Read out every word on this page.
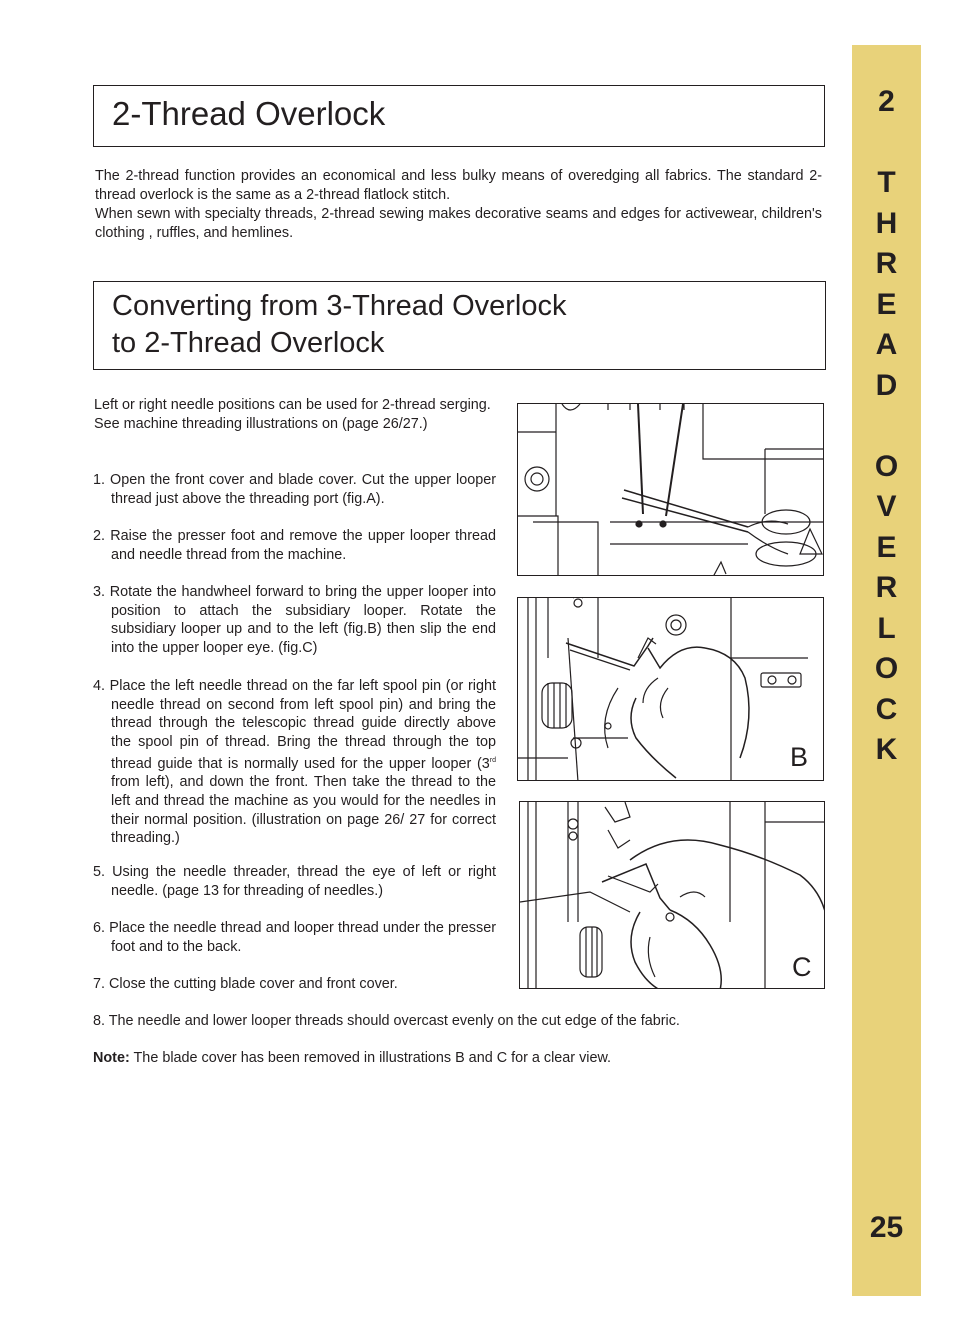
2
T
H
R
E
A
D
O
V
E
R
L
O
C
K
25
2-Thread Overlock

The 2-thread function provides an economical and less bulky means of overedging all fabrics. The standard 2-thread overlock is the same as a 2-thread flatlock stitch.

When sewn with specialty threads, 2-thread sewing makes decorative seams and edges for activewear, children's clothing , ruffles, and hemlines.

Converting from 3-Thread Overlock
to 2-Thread Overlock

Left or right needle positions can be used for 2-thread serging.

See machine threading illustrations on (page 26/27.)

1. Open the front cover and blade cover. Cut the upper looper thread just above the threading port (fig.A).

2. Raise the presser foot and remove the upper looper thread and needle thread from the machine.

3. Rotate the handwheel forward to bring the upper looper into position to attach the subsidiary looper. Rotate the subsidiary looper up and to the left (fig.B) then slip the end into the upper looper eye. (fig.C)

4. Place the left needle thread on the far left spool pin (or right needle thread on second from left spool pin) and bring the thread through the telescopic thread guide directly above the spool pin of thread. Bring the thread through the top thread guide that is normally used for the upper looper (3rd from left), and down the front. Then take the thread to the left and thread the machine as you would for the needles in their normal position. (illustration on page 26/ 27 for correct threading.)

5. Using the needle threader, thread the eye of left or right needle. (page 13 for threading of needles.)

6. Place the needle thread and looper thread under the presser foot and to the back.

7. Close the cutting blade cover and front cover.

8. The needle and lower looper threads should overcast evenly on the cut edge of the fabric.
Note: The blade cover has been removed in illustrations B and C for a clear view.
B
C
